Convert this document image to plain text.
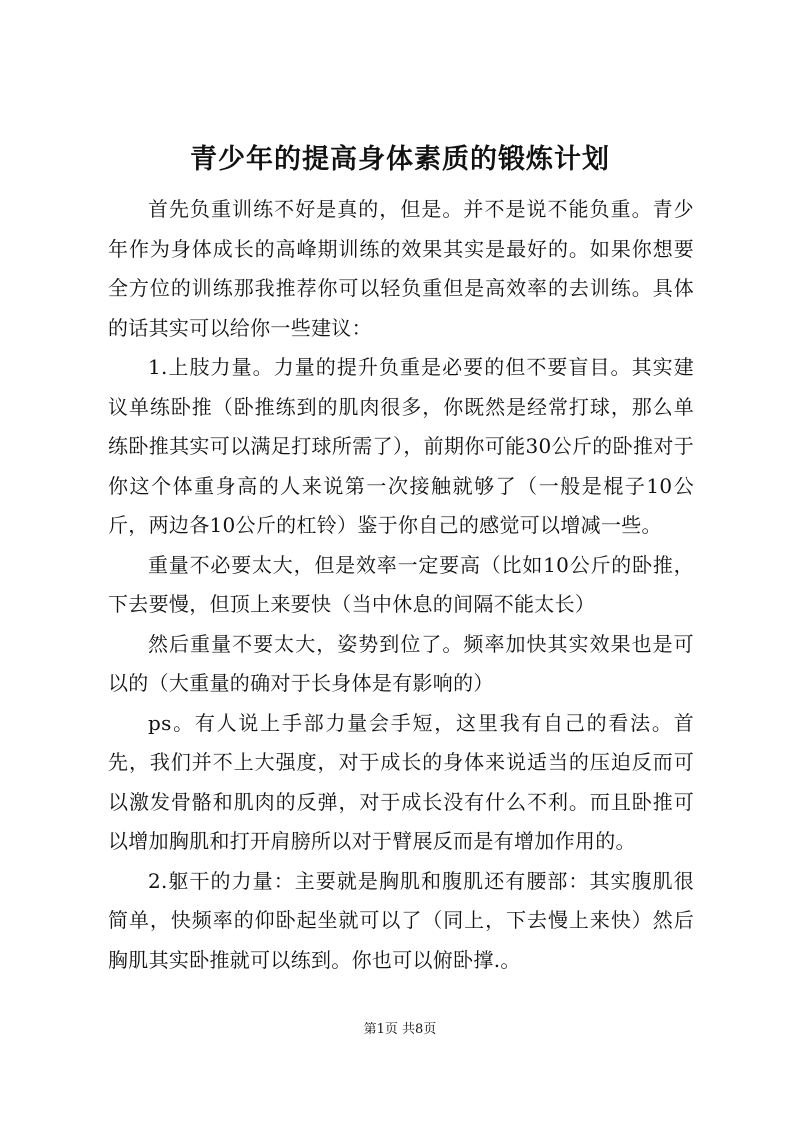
青少年的提高身体素质的锻炼计划

首先负重训练不好是真的，但是。并不是说不能负重。青少年作为身体成长的高峰期训练的效果其实是最好的。如果你想要全方位的训练那我推荐你可以轻负重但是高效率的去训练。具体的话其实可以给你一些建议：

1.上肢力量。力量的提升负重是必要的但不要盲目。其实建议单练卧推（卧推练到的肌肉很多，你既然是经常打球，那么单练卧推其实可以满足打球所需了），前期你可能30公斤的卧推对于你这个体重身高的人来说第一次接触就够了（一般是棍子10公斤，两边各10公斤的杠铃）鉴于你自己的感觉可以增减一些。

重量不必要太大，但是效率一定要高（比如10公斤的卧推，下去要慢，但顶上来要快（当中休息的间隔不能太长）

然后重量不要太大，姿势到位了。频率加快其实效果也是可以的（大重量的确对于长身体是有影响的）

ps。有人说上手部力量会手短，这里我有自己的看法。首先，我们并不上大强度，对于成长的身体来说适当的压迫反而可以激发骨骼和肌肉的反弹，对于成长没有什么不利。而且卧推可以增加胸肌和打开肩膀所以对于臂展反而是有增加作用的。

2.躯干的力量：主要就是胸肌和腹肌还有腰部：其实腹肌很简单，快频率的仰卧起坐就可以了（同上，下去慢上来快）然后胸肌其实卧推就可以练到。你也可以俯卧撑.。

第1页 共8页
